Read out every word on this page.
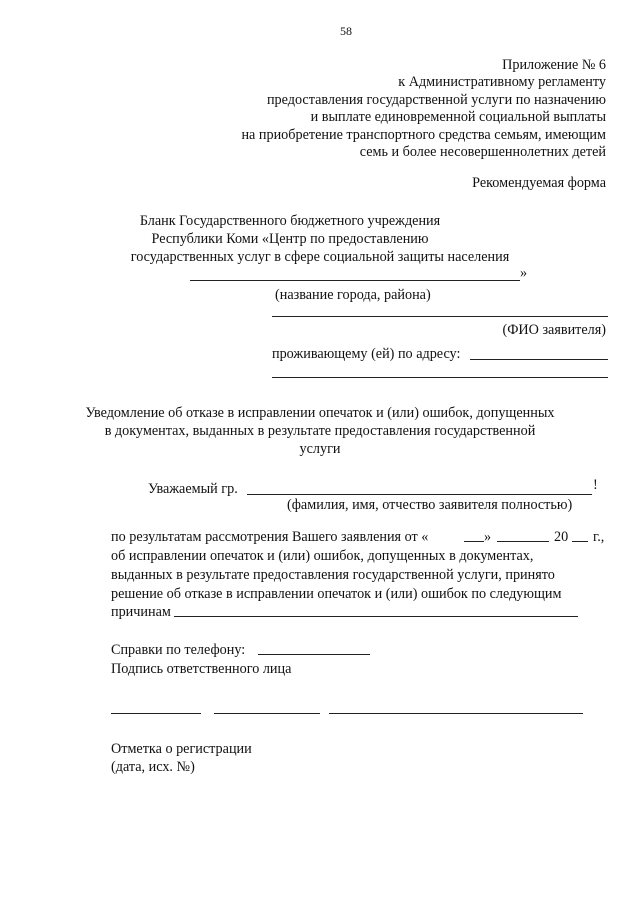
58
Приложение № 6
к Административному регламенту
предоставления государственной услуги по назначению
и выплате единовременной социальной выплаты
на приобретение транспортного средства семьям, имеющим
семь и более несовершеннолетних детей
Рекомендуемая форма
Бланк Государственного бюджетного учреждения
Республики Коми «Центр по предоставлению
государственных услуг в сфере социальной защиты населения
»
(название города, района)
(ФИО заявителя)
проживающему (ей) по адресу:
Уведомление об отказе в исправлении опечаток и (или) ошибок, допущенных
в документах, выданных в результате предоставления государственной
услуги
Уважаемый гр.	!
(фамилия, имя, отчество заявителя полностью)
по результатам рассмотрения Вашего заявления от «	»	20 г.,
об исправлении опечаток и (или) ошибок, допущенных в документах,
выданных в результате предоставления государственной услуги, принято
решение об отказе в исправлении опечаток и (или) ошибок по следующим
причинам
Справки по телефону:
Подпись ответственного лица
Отметка о регистрации
(дата, исх. №)
